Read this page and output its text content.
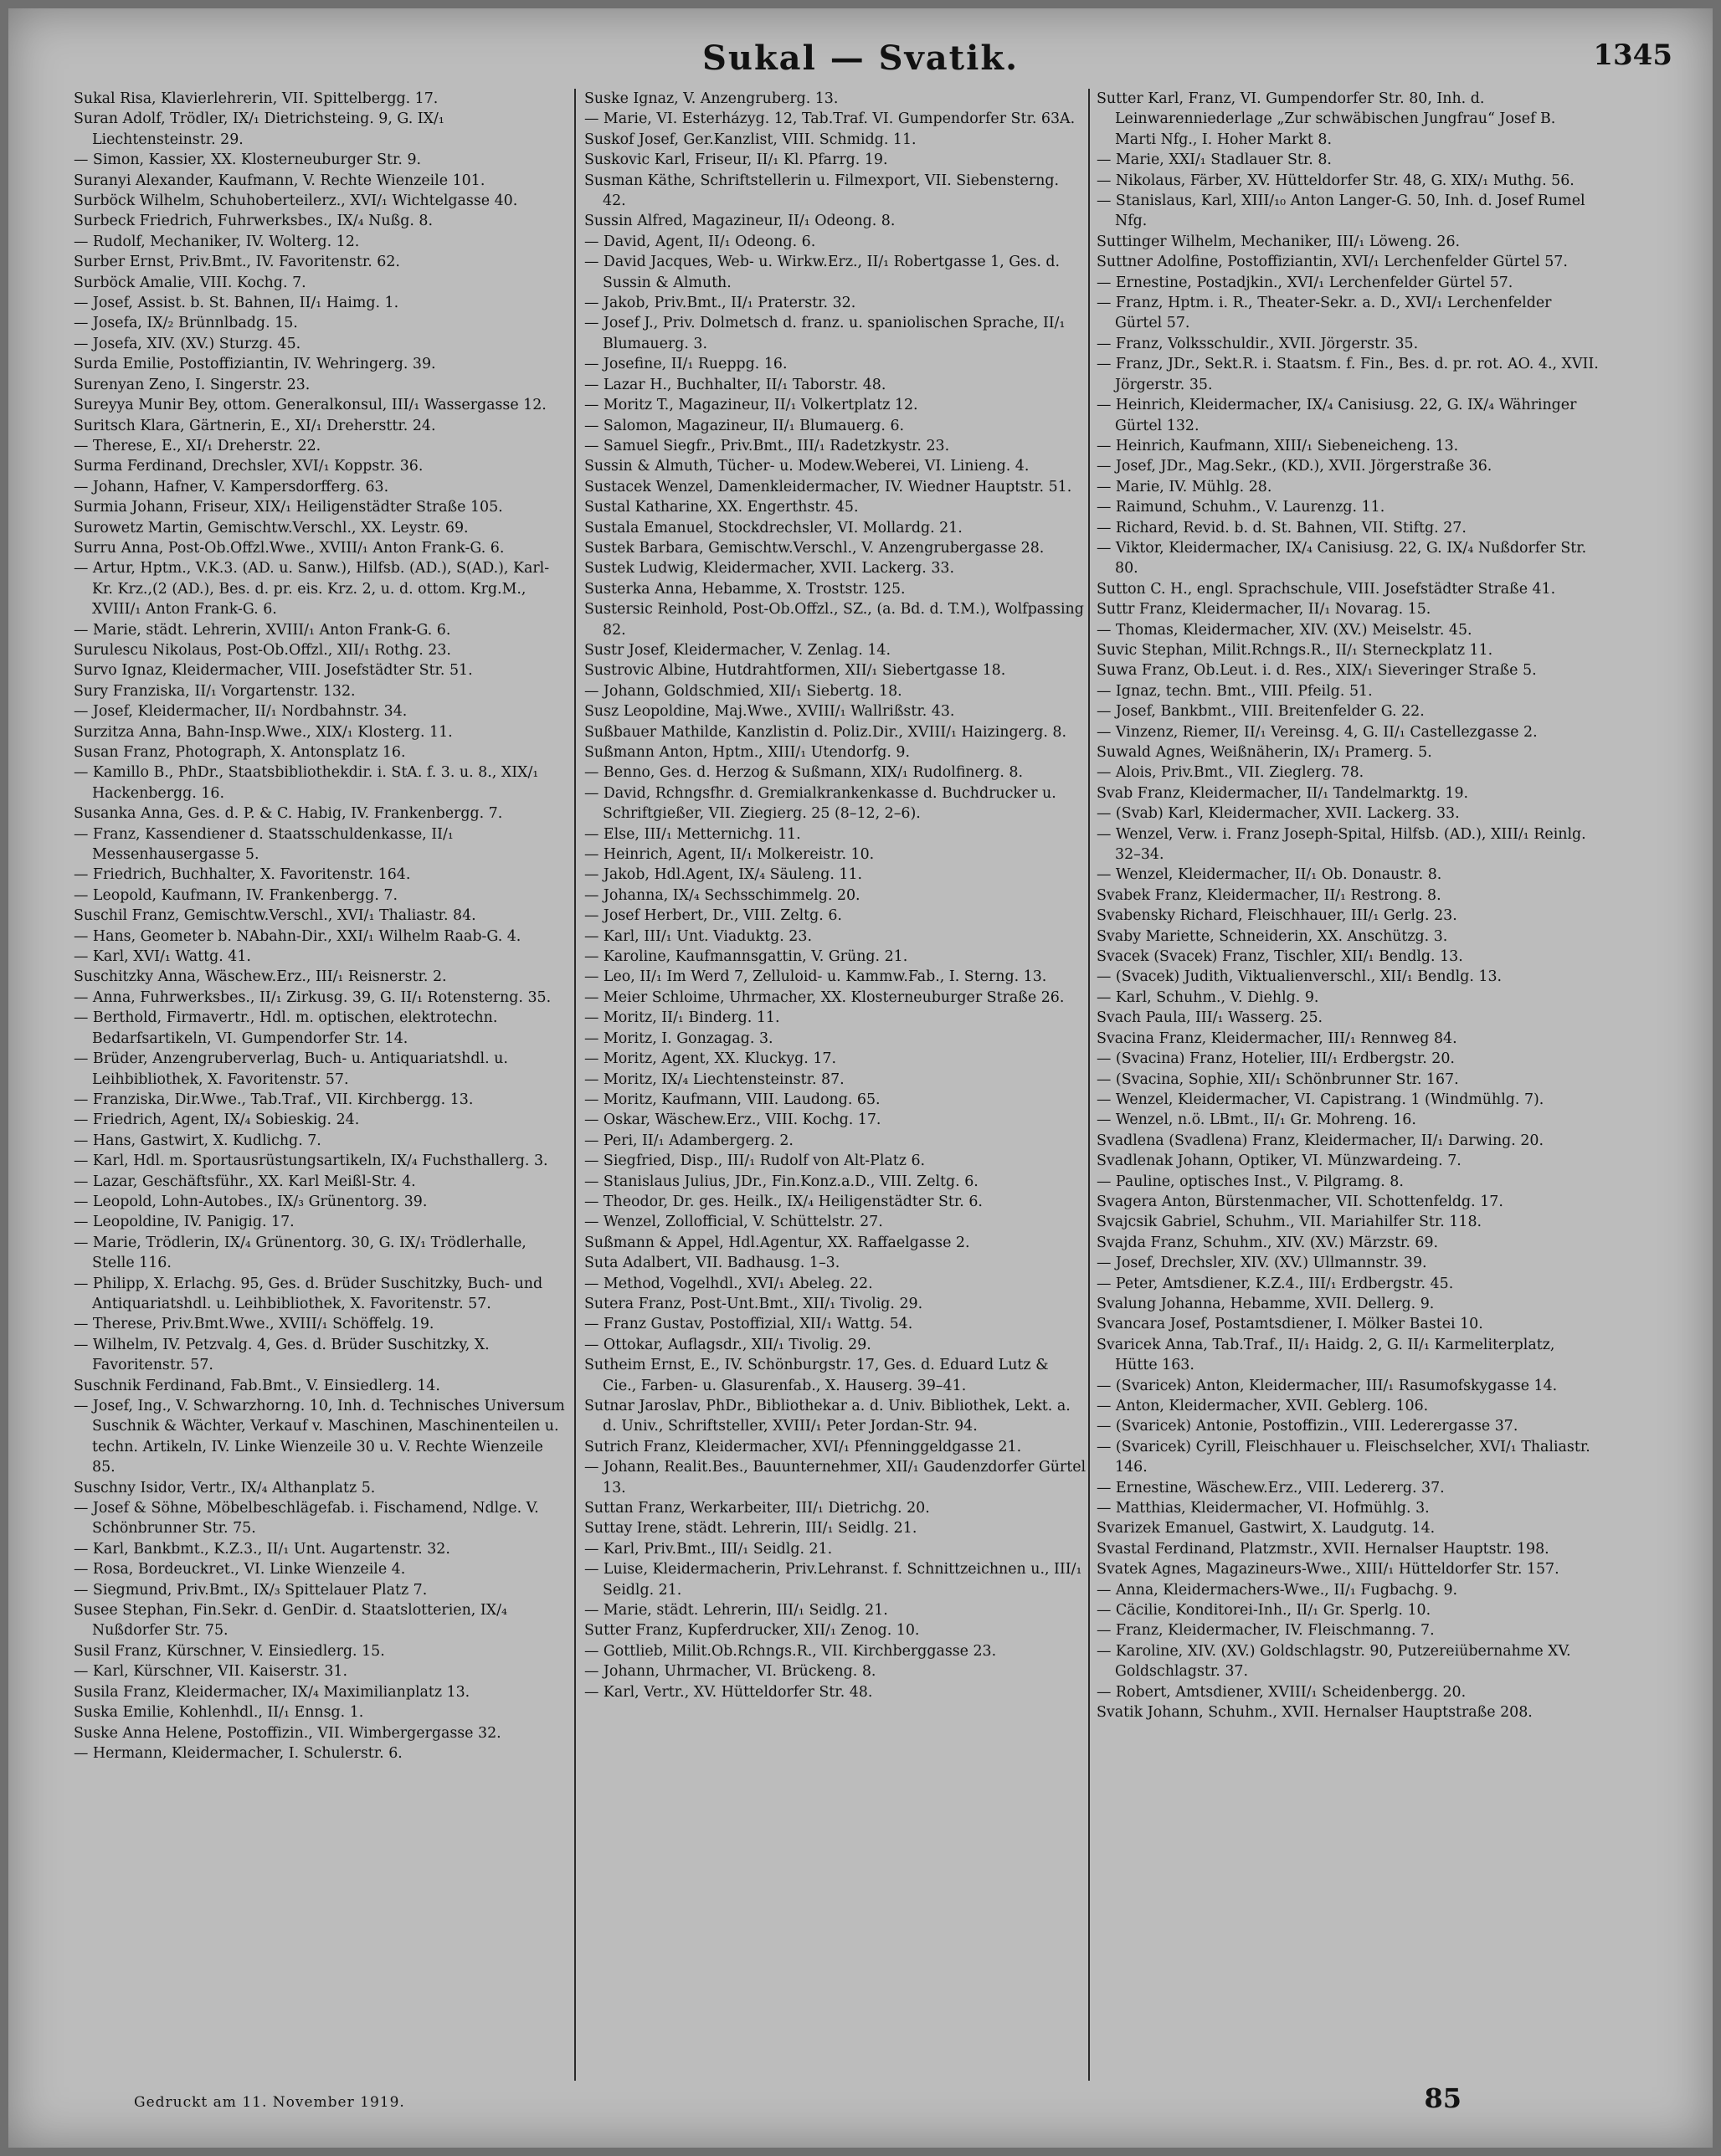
Sukal — Svatik.	1345

Sukal Risa, Klavierlehrerin, VII. Spittelbergg. 17.

Suran Adolf, Trödler, IX/₁ Dietrichsteing. 9, G. IX/₁ Liechtensteinstr. 29.

— Simon, Kassier, XX. Klosterneuburger Str. 9.

Suranyi Alexander, Kaufmann, V. Rechte Wienzeile 101.

Surböck Wilhelm, Schuhoberteilerz., XVI/₁ Wichtelgasse 40.

Surbeck Friedrich, Fuhrwerksbes., IX/₄ Nußg. 8.

— Rudolf, Mechaniker, IV. Wolterg. 12.

Surber Ernst, Priv.Bmt., IV. Favoritenstr. 62.

Surböck Amalie, VIII. Kochg. 7.

— Josef, Assist. b. St. Bahnen, II/₁ Haimg. 1.

— Josefa, IX/₂ Brünnlbadg. 15.

— Josefa, XIV. (XV.) Sturzg. 45.

Surda Emilie, Postoffiziantin, IV. Wehringerg. 39.

Surenyan Zeno, I. Singerstr. 23.

Sureyya Munir Bey, ottom. Generalkonsul, III/₁ Wassergasse 12.

Suritsch Klara, Gärtnerin, E., XI/₁ Drehersttr. 24.

— Therese, E., XI/₁ Dreherstr. 22.

Surma Ferdinand, Drechsler, XVI/₁ Koppstr. 36.

— Johann, Hafner, V. Kampersdorfferg. 63.

Surmia Johann, Friseur, XIX/₁ Heiligenstädter Straße 105.

Surowetz Martin, Gemischtw.Verschl., XX. Leystr. 69.

Surru Anna, Post-Ob.Offzl.Wwe., XVIII/₁ Anton Frank-G. 6.

— Artur, Hptm., V.K.3. (AD. u. Sanw.), Hilfsb. (AD.), S(AD.), Karl-Kr. Krz.,(2 (AD.), Bes. d. pr. eis. Krz. 2, u. d. ottom. Krg.M., XVIII/₁ Anton Frank-G. 6.

— Marie, städt. Lehrerin, XVIII/₁ Anton Frank-G. 6.

Surulescu Nikolaus, Post-Ob.Offzl., XII/₁ Rothg. 23.

Survo Ignaz, Kleidermacher, VIII. Josefstädter Str. 51.

Sury Franziska, II/₁ Vorgartenstr. 132.

— Josef, Kleidermacher, II/₁ Nordbahnstr. 34.

Surzitza Anna, Bahn-Insp.Wwe., XIX/₁ Klosterg. 11.

Susan Franz, Photograph, X. Antonsplatz 16.

— Kamillo B., PhDr., Staatsbibliothekdir. i. StA. f. 3. u. 8., XIX/₁ Hackenbergg. 16.

Susanka Anna, Ges. d. P. & C. Habig, IV. Frankenbergg. 7.

— Franz, Kassendiener d. Staatsschuldenkasse, II/₁ Messenhausergasse 5.

— Friedrich, Buchhalter, X. Favoritenstr. 164.

— Leopold, Kaufmann, IV. Frankenbergg. 7.

Suschil Franz, Gemischtw.Verschl., XVI/₁ Thaliastr. 84.

— Hans, Geometer b. NAbahn-Dir., XXI/₁ Wilhelm Raab-G. 4.

— Karl, XVI/₁ Wattg. 41.

Suschitzky Anna, Wäschew.Erz., III/₁ Reisnerstr. 2.

— Anna, Fuhrwerksbes., II/₁ Zirkusg. 39, G. II/₁ Rotensterng. 35.

— Berthold, Firmavertr., Hdl. m. optischen, elektrotechn. Bedarfsartikeln, VI. Gumpendorfer Str. 14.

— Brüder, Anzengruberverlag, Buch- u. Antiquariatshdl. u. Leihbibliothek, X. Favoritenstr. 57.

— Franziska, Dir.Wwe., Tab.Traf., VII. Kirchbergg. 13.

— Friedrich, Agent, IX/₄ Sobieskig. 24.

— Hans, Gastwirt, X. Kudlichg. 7.

— Karl, Hdl. m. Sportausrüstungsartikeln, IX/₄ Fuchsthallerg. 3.

— Lazar, Geschäftsführ., XX. Karl Meißl-Str. 4.

— Leopold, Lohn-Autobes., IX/₃ Grünentorg. 39.

— Leopoldine, IV. Panigig. 17.

— Marie, Trödlerin, IX/₄ Grünentorg. 30, G. IX/₁ Trödlerhalle, Stelle 116.

— Philipp, X. Erlachg. 95, Ges. d. Brüder Suschitzky, Buch- und Antiquariatshdl. u. Leihbibliothek, X. Favoritenstr. 57.

— Therese, Priv.Bmt.Wwe., XVIII/₁ Schöffelg. 19.

— Wilhelm, IV. Petzvalg. 4, Ges. d. Brüder Suschitzky, X. Favoritenstr. 57.

Suschnik Ferdinand, Fab.Bmt., V. Einsiedlerg. 14.

— Josef, Ing., V. Schwarzhorng. 10, Inh. d. Technisches Universum Suschnik & Wächter, Verkauf v. Maschinen, Maschinenteilen u. techn. Artikeln, IV. Linke Wienzeile 30 u. V. Rechte Wienzeile 85.

Suschny Isidor, Vertr., IX/₄ Althanplatz 5.

— Josef & Söhne, Möbelbeschlägefab. i. Fischamend, Ndlge. V. Schönbrunner Str. 75.

— Karl, Bankbmt., K.Z.3., II/₁ Unt. Augartenstr. 32.

— Rosa, Bordeuckret., VI. Linke Wienzeile 4.

— Siegmund, Priv.Bmt., IX/₃ Spittelauer Platz 7.

Susee Stephan, Fin.Sekr. d. GenDir. d. Staatslotterien, IX/₄ Nußdorfer Str. 75.

Susil Franz, Kürschner, V. Einsiedlerg. 15.

— Karl, Kürschner, VII. Kaiserstr. 31.

Susila Franz, Kleidermacher, IX/₄ Maximilianplatz 13.

Suska Emilie, Kohlenhdl., II/₁ Ennsg. 1.

Suske Anna Helene, Postoffizin., VII. Wimbergergasse 32.

— Hermann, Kleidermacher, I. Schulerstr. 6.

Suske Ignaz, V. Anzengruberg. 13.

— Marie, VI. Esterházyg. 12, Tab.Traf. VI. Gumpendorfer Str. 63A.

Suskof Josef, Ger.Kanzlist, VIII. Schmidg. 11.

Suskovic Karl, Friseur, II/₁ Kl. Pfarrg. 19.

Susman Käthe, Schriftstellerin u. Filmexport, VII. Siebensterng. 42.

Sussin Alfred, Magazineur, II/₁ Odeong. 8.

— David, Agent, II/₁ Odeong. 6.

— David Jacques, Web- u. Wirkw.Erz., II/₁ Robertgasse 1, Ges. d. Sussin & Almuth.

— Jakob, Priv.Bmt., II/₁ Praterstr. 32.

— Josef J., Priv. Dolmetsch d. franz. u. spaniolischen Sprache, II/₁ Blumauerg. 3.

— Josefine, II/₁ Rueppg. 16.

— Lazar H., Buchhalter, II/₁ Taborstr. 48.

— Moritz T., Magazineur, II/₁ Volkertplatz 12.

— Salomon, Magazineur, II/₁ Blumauerg. 6.

— Samuel Siegfr., Priv.Bmt., III/₁ Radetzkystr. 23.

Sussin & Almuth, Tücher- u. Modew.Weberei, VI. Linieng. 4.

Sustacek Wenzel, Damenkleidermacher, IV. Wiedner Hauptstr. 51.

Sustal Katharine, XX. Engerthstr. 45.

Sustala Emanuel, Stockdrechsler, VI. Mollardg. 21.

Sustek Barbara, Gemischtw.Verschl., V. Anzengrubergasse 28.

Sustek Ludwig, Kleidermacher, XVII. Lackerg. 33.

Susterka Anna, Hebamme, X. Troststr. 125.

Sustersic Reinhold, Post-Ob.Offzl., SZ., (a. Bd. d. T.M.), Wolfpassing 82.

Sustr Josef, Kleidermacher, V. Zenlag. 14.

Sustrovic Albine, Hutdrahtformen, XII/₁ Siebertgasse 18.

— Johann, Goldschmied, XII/₁ Siebertg. 18.

Susz Leopoldine, Maj.Wwe., XVIII/₁ Wallrißstr. 43.

Sußbauer Mathilde, Kanzlistin d. Poliz.Dir., XVIII/₁ Haizingerg. 8.

Sußmann Anton, Hptm., XIII/₁ Utendorfg. 9.

— Benno, Ges. d. Herzog & Sußmann, XIX/₁ Rudolfinerg. 8.

— David, Rchngsfhr. d. Gremialkrankenkasse d. Buchdrucker u. Schriftgießer, VII. Ziegierg. 25 (8–12, 2–6).

— Else, III/₁ Metternichg. 11.

— Heinrich, Agent, II/₁ Molkereistr. 10.

— Jakob, Hdl.Agent, IX/₄ Säuleng. 11.

— Johanna, IX/₄ Sechsschimmelg. 20.

— Josef Herbert, Dr., VIII. Zeltg. 6.

— Karl, III/₁ Unt. Viaduktg. 23.

— Karoline, Kaufmannsgattin, V. Grüng. 21.

— Leo, II/₁ Im Werd 7, Zelluloid- u. Kammw.Fab., I. Sterng. 13.

— Meier Schloime, Uhrmacher, XX. Klosterneuburger Straße 26.

— Moritz, II/₁ Binderg. 11.

— Moritz, I. Gonzagag. 3.

— Moritz, Agent, XX. Kluckyg. 17.

— Moritz, IX/₄ Liechtensteinstr. 87.

— Moritz, Kaufmann, VIII. Laudong. 65.

— Oskar, Wäschew.Erz., VIII. Kochg. 17.

— Peri, II/₁ Adambergerg. 2.

— Siegfried, Disp., III/₁ Rudolf von Alt-Platz 6.

— Stanislaus Julius, JDr., Fin.Konz.a.D., VIII. Zeltg. 6.

— Theodor, Dr. ges. Heilk., IX/₄ Heiligenstädter Str. 6.

— Wenzel, Zollofficial, V. Schüttelstr. 27.

Sußmann & Appel, Hdl.Agentur, XX. Raffaelgasse 2.

Suta Adalbert, VII. Badhausg. 1–3.

— Method, Vogelhdl., XVI/₁ Abeleg. 22.

Sutera Franz, Post-Unt.Bmt., XII/₁ Tivolig. 29.

— Franz Gustav, Postoffizial, XII/₁ Wattg. 54.

— Ottokar, Auflagsdr., XII/₁ Tivolig. 29.

Sutheim Ernst, E., IV. Schönburgstr. 17, Ges. d. Eduard Lutz & Cie., Farben- u. Glasurenfab., X. Hauserg. 39–41.

Sutnar Jaroslav, PhDr., Bibliothekar a. d. Univ. Bibliothek, Lekt. a. d. Univ., Schriftsteller, XVIII/₁ Peter Jordan-Str. 94.

Sutrich Franz, Kleidermacher, XVI/₁ Pfenninggeldgasse 21.

— Johann, Realit.Bes., Bauunternehmer, XII/₁ Gaudenzdorfer Gürtel 13.

Suttan Franz, Werkarbeiter, III/₁ Dietrichg. 20.

Suttay Irene, städt. Lehrerin, III/₁ Seidlg. 21.

— Karl, Priv.Bmt., III/₁ Seidlg. 21.

— Luise, Kleidermacherin, Priv.Lehranst. f. Schnittzeichnen u., III/₁ Seidlg. 21.

— Marie, städt. Lehrerin, III/₁ Seidlg. 21.

Sutter Franz, Kupferdrucker, XII/₁ Zenog. 10.

— Gottlieb, Milit.Ob.Rchngs.R., VII. Kirchberggasse 23.

— Johann, Uhrmacher, VI. Brückeng. 8.

— Karl, Vertr., XV. Hütteldorfer Str. 48.

Sutter Karl, Franz, VI. Gumpendorfer Str. 80, Inh. d. Leinwarenniederlage „Zur schwäbischen Jungfrau“ Josef B. Marti Nfg., I. Hoher Markt 8.

— Marie, XXI/₁ Stadlauer Str. 8.

— Nikolaus, Färber, XV. Hütteldorfer Str. 48, G. XIX/₁ Muthg. 56.

— Stanislaus, Karl, XIII/₁₀ Anton Langer-G. 50, Inh. d. Josef Rumel Nfg.

Suttinger Wilhelm, Mechaniker, III/₁ Löweng. 26.

Suttner Adolfine, Postoffiziantin, XVI/₁ Lerchenfelder Gürtel 57.

— Ernestine, Postadjkin., XVI/₁ Lerchenfelder Gürtel 57.

— Franz, Hptm. i. R., Theater-Sekr. a. D., XVI/₁ Lerchenfelder Gürtel 57.

— Franz, Volksschuldir., XVII. Jörgerstr. 35.

— Franz, JDr., Sekt.R. i. Staatsm. f. Fin., Bes. d. pr. rot. AO. 4., XVII. Jörgerstr. 35.

— Heinrich, Kleidermacher, IX/₄ Canisiusg. 22, G. IX/₄ Währinger Gürtel 132.

— Heinrich, Kaufmann, XIII/₁ Siebeneicheng. 13.

— Josef, JDr., Mag.Sekr., (KD.), XVII. Jörgerstraße 36.

— Marie, IV. Mühlg. 28.

— Raimund, Schuhm., V. Laurenzg. 11.

— Richard, Revid. b. d. St. Bahnen, VII. Stiftg. 27.

— Viktor, Kleidermacher, IX/₄ Canisiusg. 22, G. IX/₄ Nußdorfer Str. 80.

Sutton C. H., engl. Sprachschule, VIII. Josefstädter Straße 41.

Suttr Franz, Kleidermacher, II/₁ Novarag. 15.

— Thomas, Kleidermacher, XIV. (XV.) Meiselstr. 45.

Suvic Stephan, Milit.Rchngs.R., II/₁ Sterneckplatz 11.

Suwa Franz, Ob.Leut. i. d. Res., XIX/₁ Sieveringer Straße 5.

— Ignaz, techn. Bmt., VIII. Pfeilg. 51.

— Josef, Bankbmt., VIII. Breitenfelder G. 22.

— Vinzenz, Riemer, II/₁ Vereinsg. 4, G. II/₁ Castellezgasse 2.

Suwald Agnes, Weißnäherin, IX/₁ Pramerg. 5.

— Alois, Priv.Bmt., VII. Zieglerg. 78.

Svab Franz, Kleidermacher, II/₁ Tandelmarktg. 19.

— (Svab) Karl, Kleidermacher, XVII. Lackerg. 33.

— Wenzel, Verw. i. Franz Joseph-Spital, Hilfsb. (AD.), XIII/₁ Reinlg. 32–34.

— Wenzel, Kleidermacher, II/₁ Ob. Donaustr. 8.

Svabek Franz, Kleidermacher, II/₁ Restrong. 8.

Svabensky Richard, Fleischhauer, III/₁ Gerlg. 23.

Svaby Mariette, Schneiderin, XX. Anschützg. 3.

Svacek (Svacek) Franz, Tischler, XII/₁ Bendlg. 13.

— (Svacek) Judith, Viktualienverschl., XII/₁ Bendlg. 13.

— Karl, Schuhm., V. Diehlg. 9.

Svach Paula, III/₁ Wasserg. 25.

Svacina Franz, Kleidermacher, III/₁ Rennweg 84.

— (Svacina) Franz, Hotelier, III/₁ Erdbergstr. 20.

— (Svacina, Sophie, XII/₁ Schönbrunner Str. 167.

— Wenzel, Kleidermacher, VI. Capistrang. 1 (Windmühlg. 7).

— Wenzel, n.ö. LBmt., II/₁ Gr. Mohreng. 16.

Svadlena (Svadlena) Franz, Kleidermacher, II/₁ Darwing. 20.

Svadlenak Johann, Optiker, VI. Münzwardeing. 7.

— Pauline, optisches Inst., V. Pilgramg. 8.

Svagera Anton, Bürstenmacher, VII. Schottenfeldg. 17.

Svajcsik Gabriel, Schuhm., VII. Mariahilfer Str. 118.

Svajda Franz, Schuhm., XIV. (XV.) Märzstr. 69.

— Josef, Drechsler, XIV. (XV.) Ullmannstr. 39.

— Peter, Amtsdiener, K.Z.4., III/₁ Erdbergstr. 45.

Svalung Johanna, Hebamme, XVII. Dellerg. 9.

Svancara Josef, Postamtsdiener, I. Mölker Bastei 10.

Svaricek Anna, Tab.Traf., II/₁ Haidg. 2, G. II/₁ Karmeliterplatz, Hütte 163.

— (Svaricek) Anton, Kleidermacher, III/₁ Rasumofskygasse 14.

— Anton, Kleidermacher, XVII. Geblerg. 106.

— (Svaricek) Antonie, Postoffizin., VIII. Lederergasse 37.

— (Svaricek) Cyrill, Fleischhauer u. Fleischselcher, XVI/₁ Thaliastr. 146.

— Ernestine, Wäschew.Erz., VIII. Ledererg. 37.

— Matthias, Kleidermacher, VI. Hofmühlg. 3.

Svarizek Emanuel, Gastwirt, X. Laudgutg. 14.

Svastal Ferdinand, Platzmstr., XVII. Hernalser Hauptstr. 198.

Svatek Agnes, Magazineurs-Wwe., XIII/₁ Hütteldorfer Str. 157.

— Anna, Kleidermachers-Wwe., II/₁ Fugbachg. 9.

— Cäcilie, Konditorei-Inh., II/₁ Gr. Sperlg. 10.

— Franz, Kleidermacher, IV. Fleischmanng. 7.

— Karoline, XIV. (XV.) Goldschlagstr. 90, Putzereiübernahme XV. Goldschlagstr. 37.

— Robert, Amtsdiener, XVIII/₁ Scheidenbergg. 20.

Svatik Johann, Schuhm., XVII. Hernalser Hauptstraße 208.

Gedruckt am 11. November 1919.	85
